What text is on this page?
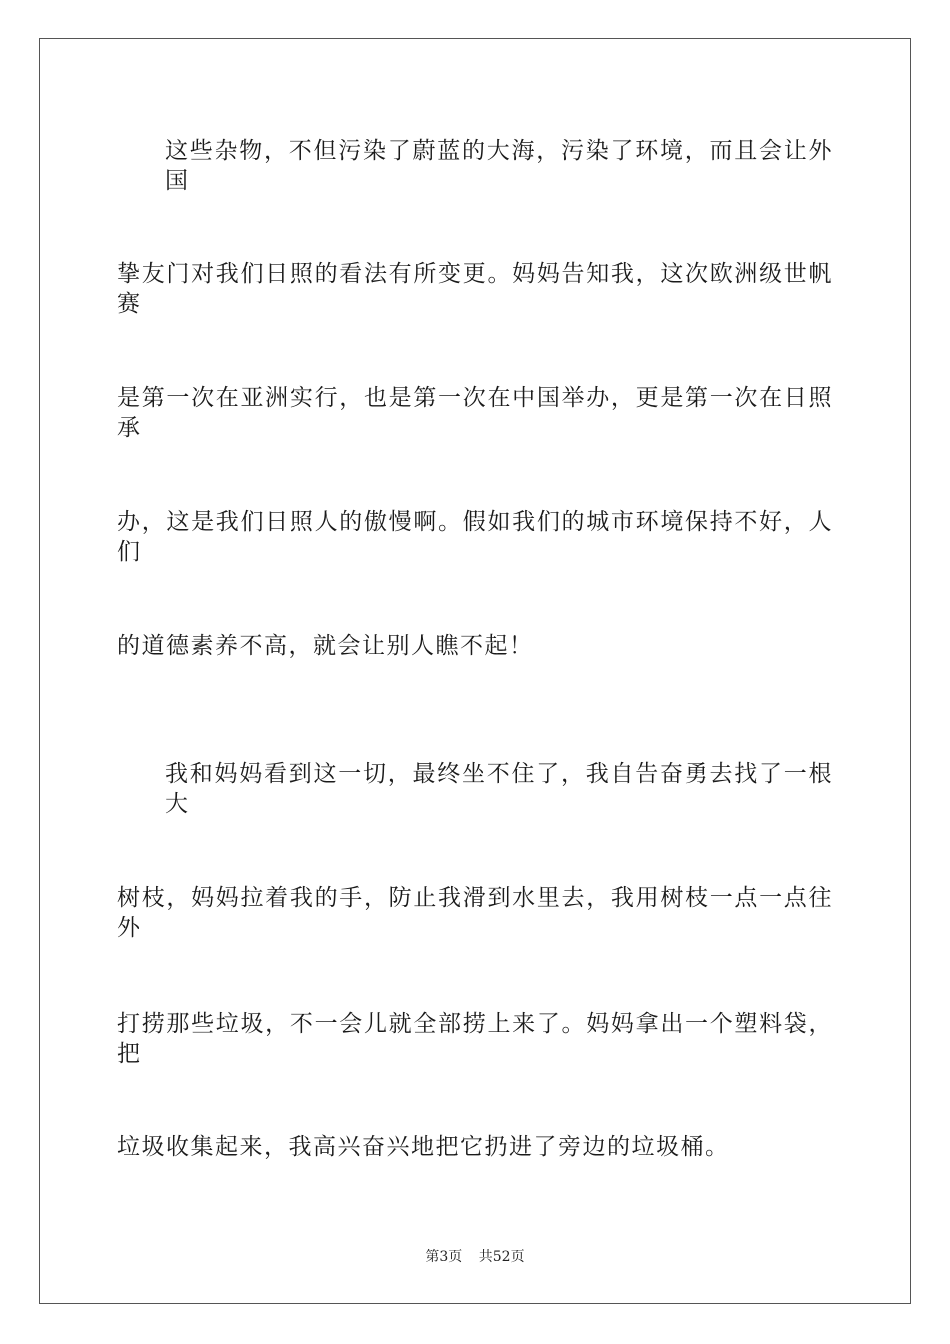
这些杂物，不但污染了蔚蓝的大海，污染了环境，而且会让外国
挚友门对我们日照的看法有所变更。妈妈告知我，这次欧洲级世帆赛
是第一次在亚洲实行，也是第一次在中国举办，更是第一次在日照承
办，这是我们日照人的傲慢啊。假如我们的城市环境保持不好，人们
的道德素养不高，就会让别人瞧不起！
我和妈妈看到这一切，最终坐不住了，我自告奋勇去找了一根大
树枝，妈妈拉着我的手，防止我滑到水里去，我用树枝一点一点往外
打捞那些垃圾，不一会儿就全部捞上来了。妈妈拿出一个塑料袋，把
垃圾收集起来，我高兴奋兴地把它扔进了旁边的垃圾桶。
第3页 共52页
